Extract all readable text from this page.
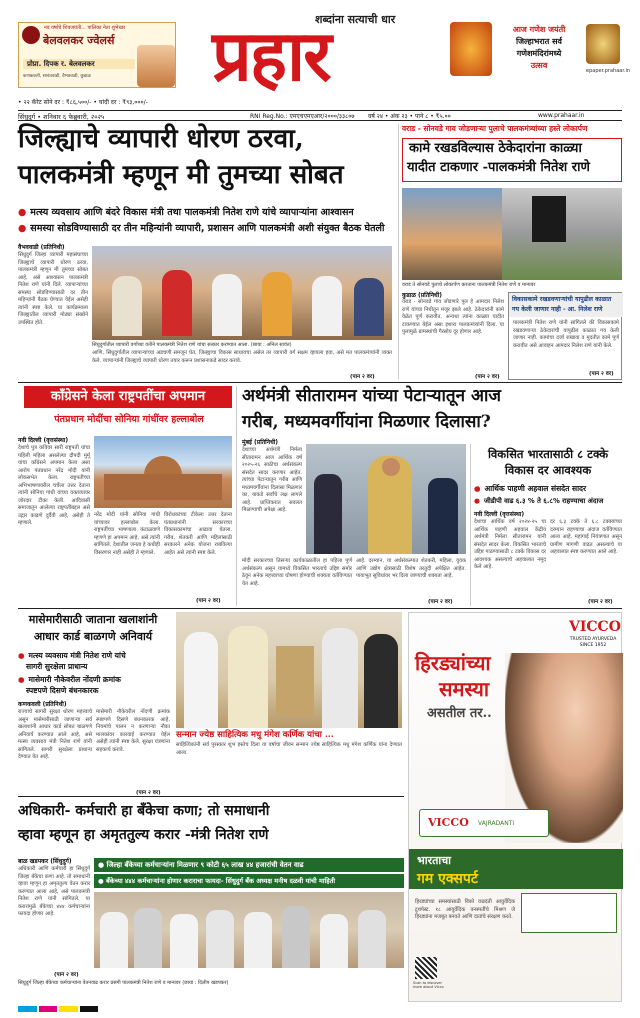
नव वर्षाचे शिवजयंती... पालिका नेता शुभेच्छा
बेलवलकर ज्वेलर्स
प्रोप्रा. दिपक र. बेलवलकर
कणकवली, सावंतवाडी, वैभववाडी, कुडाळ
शब्दांना सत्याची धार
प्रहार	आज गणेश जयंती
जिल्हाभरात सर्व
गणेशमंदिरांमध्ये
उत्सव
epaper.prahaar.in
• २२ कॅरेट सोने दर : ₹८६,५००/- • चांदी दर : ₹९३,०००/-
सिंधुदुर्ग • शनिवार ६ फेब्रुवारी, २०२५	RNI Reg.No.: एमएचएमएआर/२०००/३३८०७ वर्ष २४ • अंक २३ • पाने ८ • ₹५.००	www.prahaar.in
जिल्ह्याचे व्यापारी धोरण ठरवा,
पालकमंत्री म्हणून मी तुमच्या सोबत
● मत्स्य व्यवसाय आणि बंदरे विकास मंत्री तथा पालकमंत्री नितेश राणे यांचे व्यापाऱ्यांना आश्वासन
● समस्या सोडविण्यासाठी दर तीन महिन्यांनी व्यापारी, प्रशासन आणि पालकमंत्री अशी संयुक्त बैठक घेतली
वैभववाडी (प्रतिनिधी)
सिंधुदुर्ग जिल्हा व्यापारी महासंघाच्या जिल्ह्याचे व्यापारी धोरण ठरवा, पालकमंत्री म्हणून मी तुमच्या सोबत आहे, असे आश्वासन पालकमंत्री नितेश राणे यांनी दिले. व्यापाऱ्यांच्या समस्या सोडविण्यासाठी दर तीन महिन्यांनी बैठक घेण्यात येईल असेही त्यांनी स्पष्ट केले. या कार्यक्रमाला जिल्ह्यातील व्यापारी मोठ्या संख्येने उपस्थित होते.
सिंधुदुर्गातील व्यापारी वर्गाच्या वतीने पालकमंत्री नितेश राणे यांचा सत्कार करण्यात आला. (छाया : अनिल सावंत)
आणि, सिंधुदुर्गातील व्यापाऱ्यांच्या अडचणी समजून घेत, जिल्ह्याचा विकास साधायचा असेल तर व्यापारी वर्ग सक्षम व्हायला हवा, असे मत पालकमंत्र्यांनी व्यक्त केले. व्यापाऱ्यांनी जिल्ह्याचे व्यापारी धोरण तयार करून प्रशासनाकडे सादर करावे.
(पान २ वर)
वराड - सोनवडे गाव जोडणाऱ्या पुलाचे पालकमंत्र्यांच्या हस्ते लोकार्पण
कामे रखडविल्यास ठेकेदारांना काळ्या
यादीत टाकणार -पालकमंत्री नितेश राणे
वराड ते सोनवडे पुलाचे लोकार्पण करताना पालकमंत्री नितेश राणे व मान्यवर
कुडाळ (प्रतिनिधी)
वराड - सोनवडे गाव जोडणारे पूल हे आमदार निलेश राणे यांच्या निधीतून मंजूर झाले आहे. ठेकेदारांनी कामे वेळेत पूर्ण करावीत, अन्यथा त्यांना काळ्या यादीत टाकण्यात येईल असा इशारा पालकमंत्र्यांनी दिला. या पुलामुळे ग्रामस्थांची गैरसोय दूर होणार आहे.
(पान २ वर)
विकासकामे रखडवणाऱ्यांची यापुढील काळात
गय केली जाणार नाही - आ. निलेश राणे
पालकमंत्री नितेश राणे यांनी सांगितले की विकासकामे रखडवणाऱ्या ठेकेदारांची यापुढील काळात गय केली जाणार नाही. कामांचा दर्जा राखावा व मुदतीत कामे पूर्ण करावीत असे आवाहन आमदार निलेश राणे यांनी केले.
(पान २ वर)
काँग्रेसने केला राष्ट्रपतींचा अपमान
पंतप्रधान मोदींचा सोनिया गांधींवर हल्लाबोल
नवी दिल्ली (वृत्तसंस्था)
देशाचे पुत्र कविवर सारी राष्ट्रपती यांचा पहिली महिला असलेल्या द्रौपदी मुर्मू यांचा काँग्रेसने अपमान केला असा आरोप पंतप्रधान नरेंद्र मोदी यांनी लोकसभेत केला. राष्ट्रपतींच्या अभिभाषणावरील चर्चेला उत्तर देताना त्यांनी सोनिया गांधी यांच्या वक्तव्यावर जोरदार टीका केली. आदिवासी समाजातून आलेल्या राष्ट्रपतींबद्दल असे उद्गार काढणे दुर्दैवी आहे, असेही ते म्हणाले.
नरेंद्र मोदी यांनी सोनिया गांधी यांच्यावर हल्लाबोल केला. राष्ट्रपतींच्या भाषणाला कंटाळवाणे म्हणणे हा अपमान आहे, असे त्यांनी सांगितले. देशातील जनता हे कधीही विसरणार नाही असेही ते म्हणाले.
विरोधकांच्या टीकेला उत्तर देताना पंतप्रधानांनी सरकारच्या विकासकामांचा आढावा घेतला. गरीब, शेतकरी आणि महिलांसाठी सरकारने अनेक योजना राबविल्या आहेत असे त्यांनी स्पष्ट केले.
(पान २ वर)
अर्थमंत्री सीतारामन यांच्या पेटाऱ्यातून आज
गरीब, मध्यमवर्गीयांना मिळणार दिलासा?
मुंबई (प्रतिनिधी)
देशाच्या अर्थमंत्री निर्मला सीतारामन आज आर्थिक वर्ष २०२५-२६ साठीचा अर्थसंकल्प संसदेत सादर करणार आहेत. त्यांच्या पेटाऱ्यातून गरीब आणि मध्यमवर्गीयांना दिलासा मिळणार का, याकडे सर्वांचे लक्ष लागले आहे. प्राप्तिकरात सवलत मिळण्याची अपेक्षा आहे.
मोदी सरकारच्या तिसऱ्या कार्यकाळातील हा पहिला पूर्ण अर्थसंकल्प असून यामध्ये विकसित भारताचे उद्दिष्ट समोर ठेवून अनेक महत्त्वाच्या घोषणा होण्याची शक्यता वर्तविण्यात येत आहे.
आहे. दरम्यान, या अर्थसंकल्पात शेतकरी, महिला, युवक आणि उद्योग क्षेत्रासाठी विशेष तरतुदी अपेक्षित आहेत. पायाभूत सुविधांवर भर दिला जाण्याची शक्यता आहे.
(पान २ वर)
विकसित भारतासाठी ८ टक्के
विकास दर आवश्यक
● आर्थिक पाहणी अहवाल संसदेत सादर
● जीडीपी वाढ ६.३ % ते ६.८% राहण्याचा अंदाज
नवी दिल्ली (वृत्तसंस्था)
देशाचा आर्थिक वर्ष २०२४-२५ चा आर्थिक पाहणी अहवाल केंद्रीय अर्थमंत्री निर्मला सीतारामन यांनी संसदेत सादर केला. विकसित भारताचे उद्दिष्ट गाठण्यासाठी ८ टक्के विकास दर आवश्यक असल्याचे अहवालात नमूद केले आहे.
दर ६.३ टक्के ते ६.८ टक्क्यांच्या दरम्यान राहण्याचा अंदाज वर्तविण्यात आला आहे. महागाई नियंत्रणात असून ग्रामीण मागणी वाढत असल्याचे या अहवालात स्पष्ट करण्यात आले आहे.
(पान २ वर)
मासेमारीसाठी जाताना खलाशांनी
आधार कार्ड बाळगणे अनिवार्य
● मत्स्य व्यवसाय मंत्री नितेश राणे यांचे
सागरी सुरक्षेला प्राधान्य
● मासेमारी नौकेवरील नोंदणी क्रमांक
स्पष्टपणे दिसणे बंधनकारक
कणकवली (प्रतिनिधी)
राज्याचे सागरी सुरक्षा धोरण महत्त्वाचे असून मासेमारीसाठी जाणाऱ्या सर्व खलाशांनी आधार कार्ड सोबत बाळगणे अनिवार्य करण्यात आले आहे, असे मत्स्य व्यवसाय मंत्री नितेश राणे यांनी सांगितले. सागरी सुरक्षेला प्राधान्य देण्यात येत आहे.
मासेमारी नौकेवरील नोंदणी क्रमांक स्पष्टपणे दिसणे बंधनकारक आहे. नियमांचे पालन न करणाऱ्या नौका मालकांवर कारवाई करण्यात येईल असेही त्यांनी स्पष्ट केले. सुरक्षा यंत्रणांना सहकार्य करावे.
(पान २ वर)
सन्मान ज्येष्ठ साहित्यिक मधु मंगेश कर्णिक यांचा ...
साहित्यिकांनी सर्व पुरस्कार शुभ हस्तेच दिला या वर्षाचा जीवन सन्मान ज्येष्ठ साहित्यिक मधु मंगेश कर्णिक यांना देण्यात आला.
VICCO
TRUSTED AYURVEDA
SINCE 1952
हिरड्यांच्या
समस्या
असतील तर..
VICCO VAJRADANTI
भारताचा
गम एक्सपर्ट
हिरड्यांच्या समस्यांसाठी विको वज्रदंती आयुर्वेदिक टूथपेस्ट. १८ आयुर्वेदिक वनस्पतींचे मिश्रण जे हिरड्यांना मजबूत बनवते आणि दातांचे संरक्षण करते.
Scan to discover more about Vicco
अधिकारी- कर्मचारी हा बँकेचा कणा; तो समाधानी
व्हावा म्हणून हा अमृततुल्य करार -मंत्री नितेश राणे
बाळ खडपकर (सिंधुदुर्ग)
अधिकारी आणि कर्मचारी हा सिंधुदुर्ग जिल्हा बँकेचा कणा आहे. तो समाधानी व्हावा म्हणून हा अमृततुल्य वेतन करार करण्यात आला आहे, असे पालकमंत्री नितेश राणे यांनी सांगितले. या करारामुळे बँकेच्या ४४४ कर्मचाऱ्यांना फायदा होणार आहे.
(पान २ वर)
● जिल्हा बँकेच्या कर्मचाऱ्यांना मिळणार ९ कोटी ६५ लाख ४४ हजारांची वेतन वाढ
● बँकेच्या ४४४ कर्मचाऱ्यांना होणार कराराचा फायदा- सिंधुदुर्ग बँक अध्यक्ष मनीष दळवी यांची माहिती
सिंधुदुर्ग जिल्हा बँकेच्या कर्मचाऱ्यांना वेतनवाढ करार प्रसंगी पालकमंत्री नितेश राणे व मान्यवर (छाया : दिलीप खडपकर)
